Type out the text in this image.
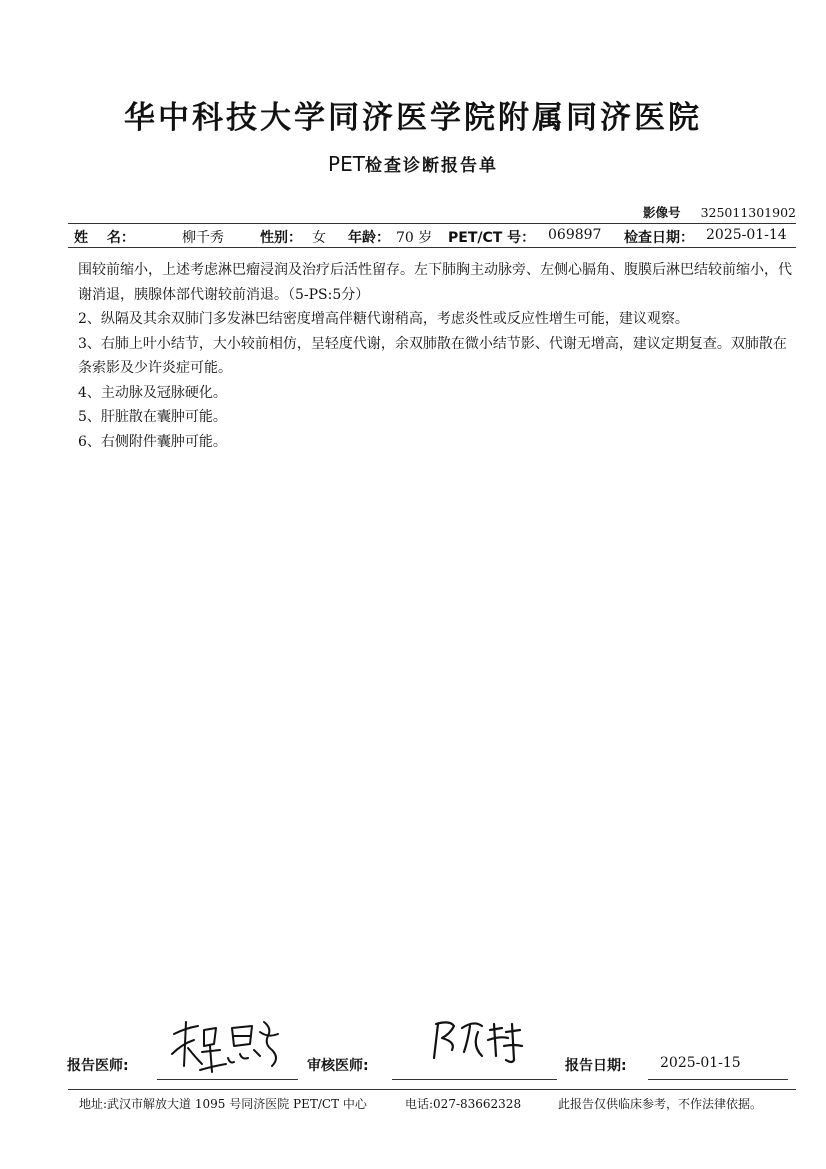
华中科技大学同济医学院附属同济医院
PET检查诊断报告单
影像号 325011301902
姓　 名：	柳千秀	性别： 女 年龄： 70 岁 PET/CT 号： 069897 检查日期： 2025-01-14

围较前缩小，上述考虑淋巴瘤浸润及治疗后活性留存。左下肺胸主动脉旁、左侧心膈角、腹膜后淋巴结较前缩小，代谢消退，胰腺体部代谢较前消退。（5-PS:5分）

2、纵隔及其余双肺门多发淋巴结密度增高伴糖代谢稍高，考虑炎性或反应性增生可能，建议观察。

3、右肺上叶小结节，大小较前相仿，呈轻度代谢，余双肺散在微小结节影、代谢无增高，建议定期复查。双肺散在条索影及少许炎症可能。

4、主动脉及冠脉硬化。

5、肝脏散在囊肿可能。

6、右侧附件囊肿可能。

报告医师:	审核医师:	报告日期: 2025-01-15
地址:武汉市解放大道 1095 号同济医院 PET/CT 中心	电话:027-83662328	此报告仅供临床参考，不作法律依据。
